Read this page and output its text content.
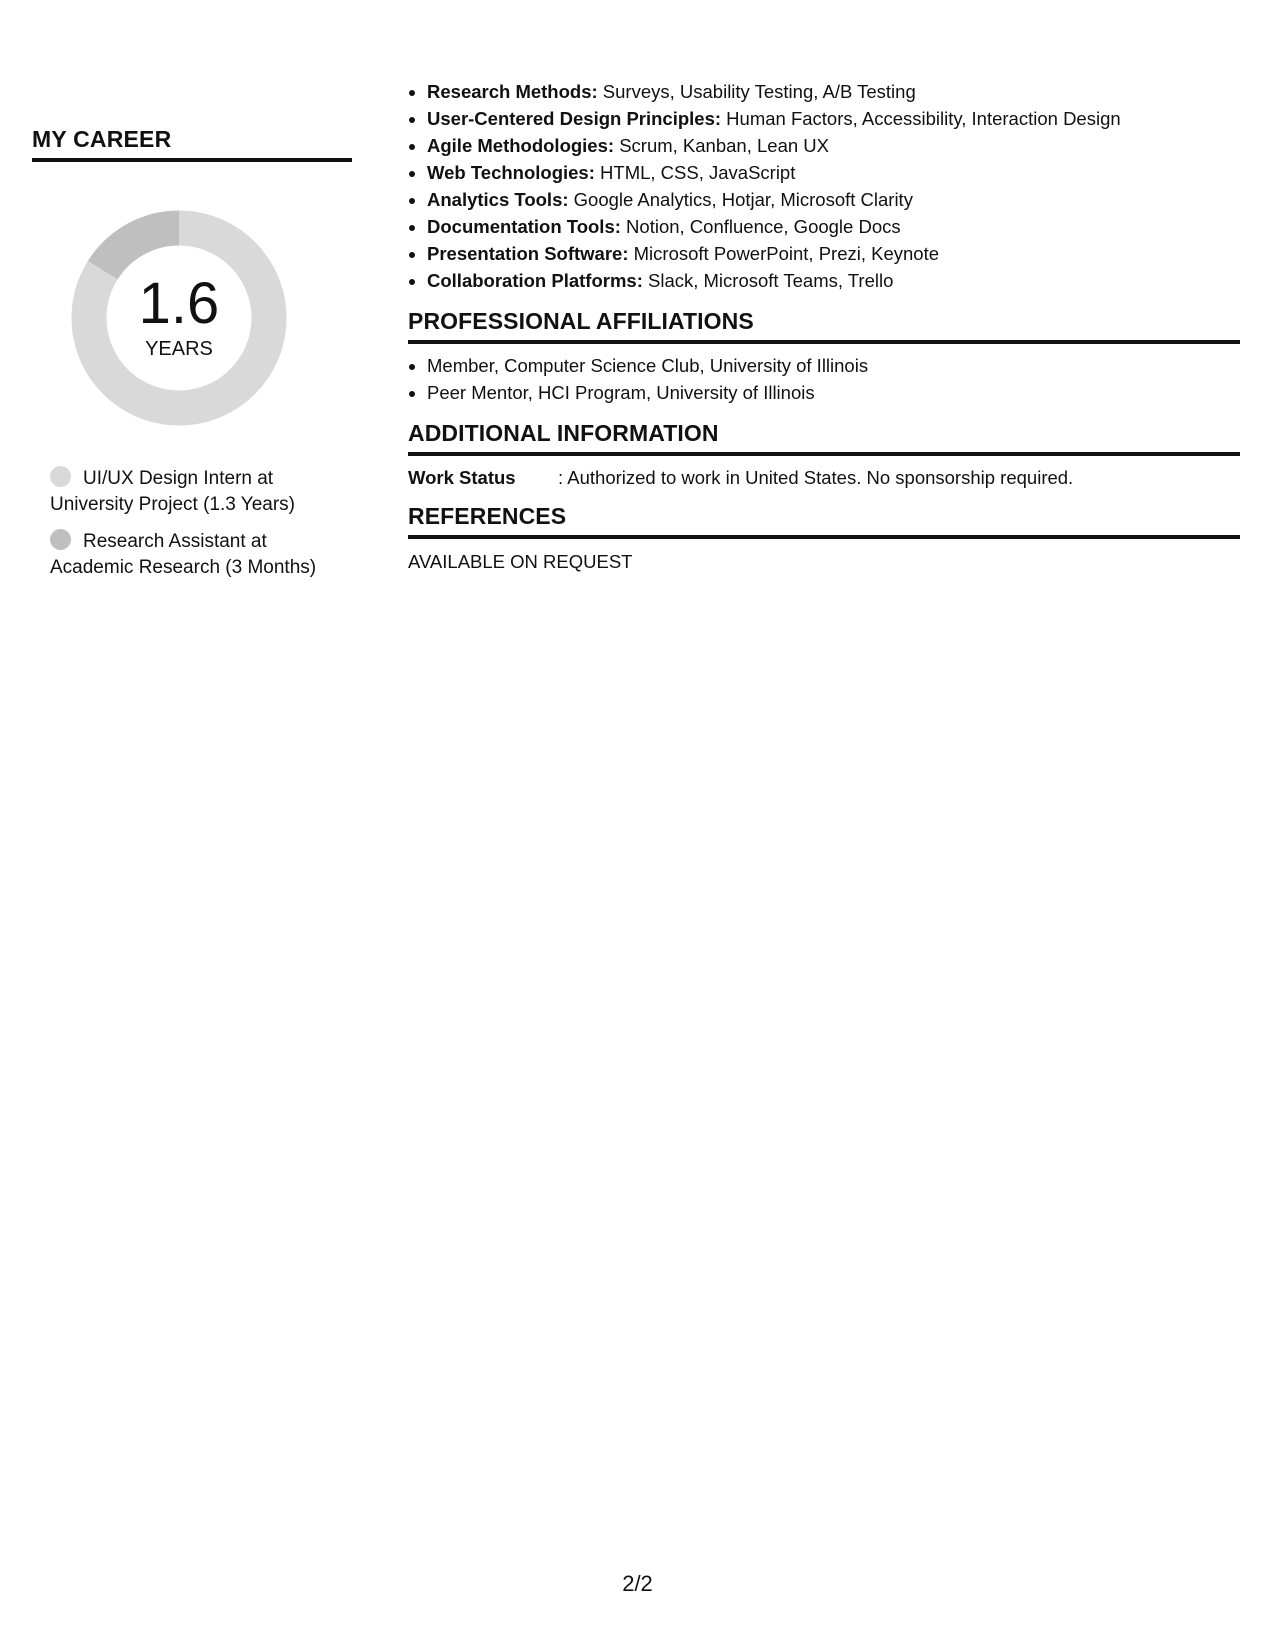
MY CAREER
1.6
YEARS
UI/UX Design Intern at University Project (1.3 Years)
Research Assistant at Academic Research (3 Months)
• Research Methods: Surveys, Usability Testing, A/B Testing
• User-Centered Design Principles: Human Factors, Accessibility, Interaction Design
• Agile Methodologies: Scrum, Kanban, Lean UX
• Web Technologies: HTML, CSS, JavaScript
• Analytics Tools: Google Analytics, Hotjar, Microsoft Clarity
• Documentation Tools: Notion, Confluence, Google Docs
• Presentation Software: Microsoft PowerPoint, Prezi, Keynote
• Collaboration Platforms: Slack, Microsoft Teams, Trello
PROFESSIONAL AFFILIATIONS
• Member, Computer Science Club, University of Illinois
• Peer Mentor, HCI Program, University of Illinois
ADDITIONAL INFORMATION
Work Status	: Authorized to work in United States. No sponsorship required.
REFERENCES
AVAILABLE ON REQUEST
2/2
